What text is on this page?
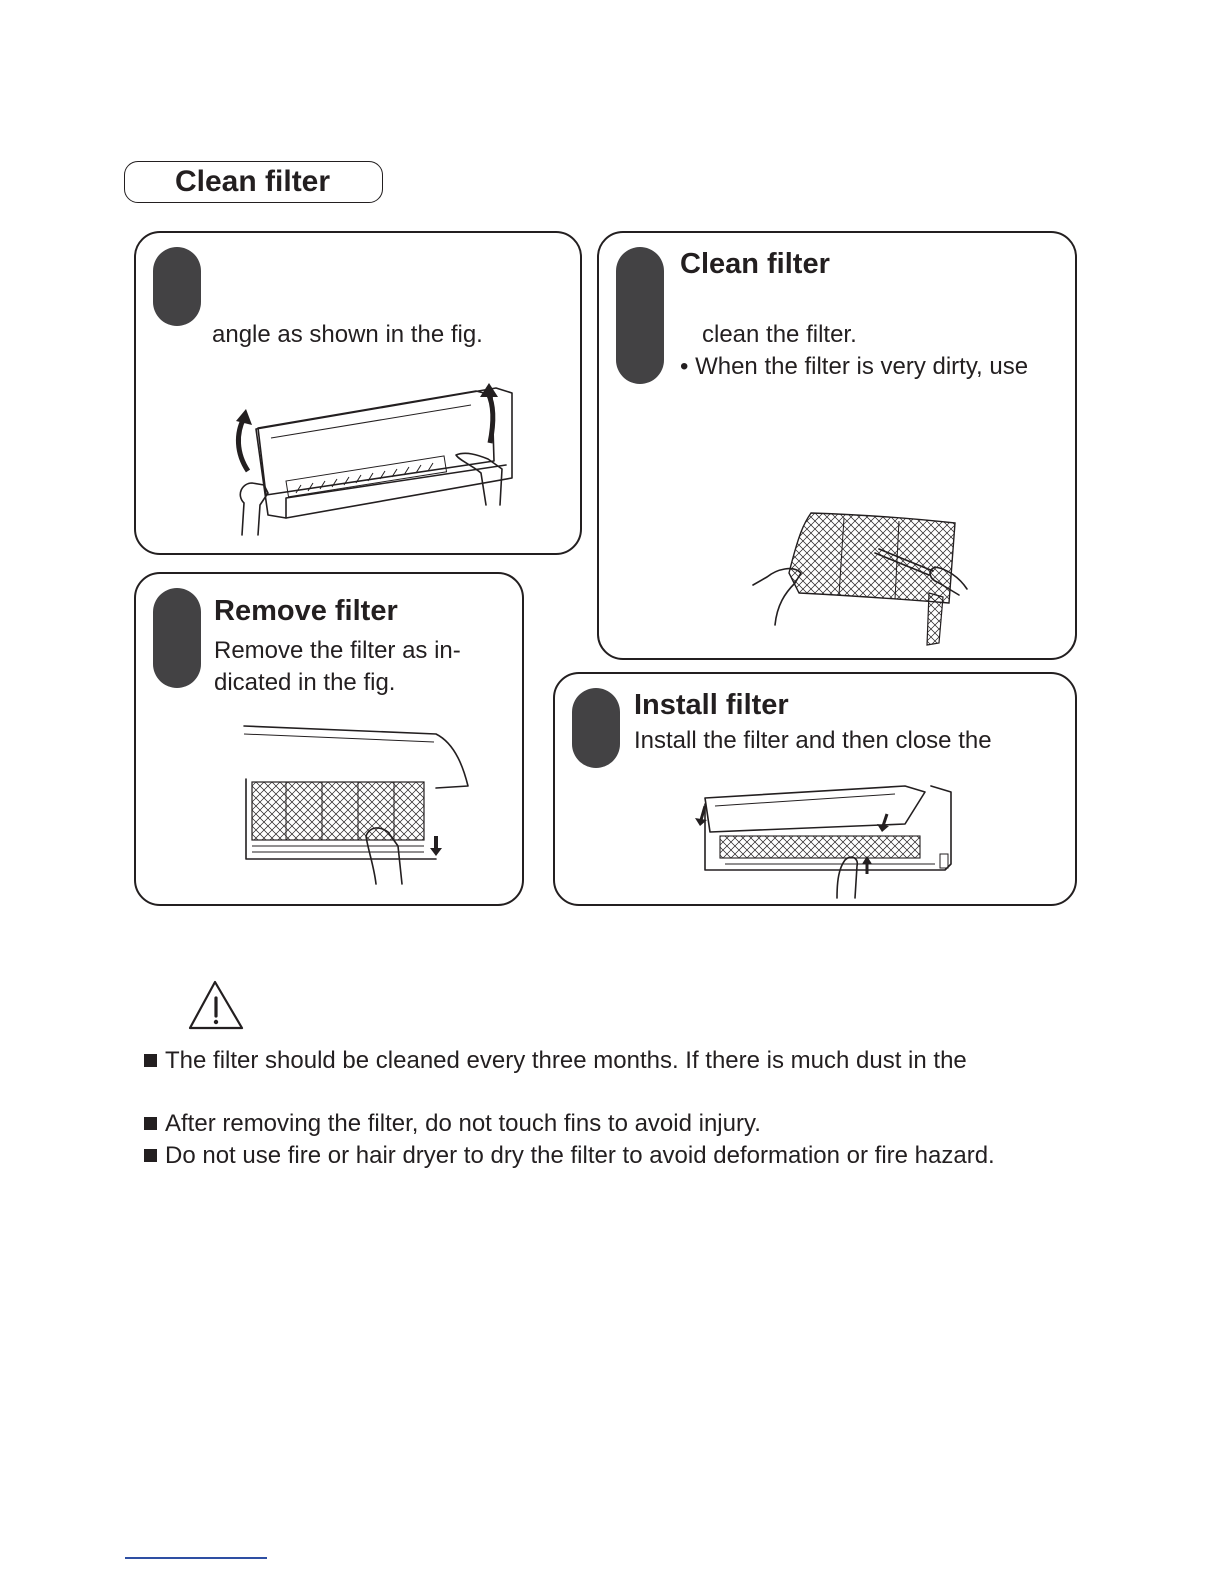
Clean filter
angle as shown in the fig.
Clean filter
clean the filter.
• When the filter is very dirty, use
Remove filter
Remove the filter as in-
dicated in the fig.
Install filter
Install the filter and then close the
The filter should be cleaned every three months. If there is much dust in the
After removing the filter, do not touch fins to avoid injury.
Do not use fire or hair dryer to dry the filter to avoid deformation or fire hazard.
